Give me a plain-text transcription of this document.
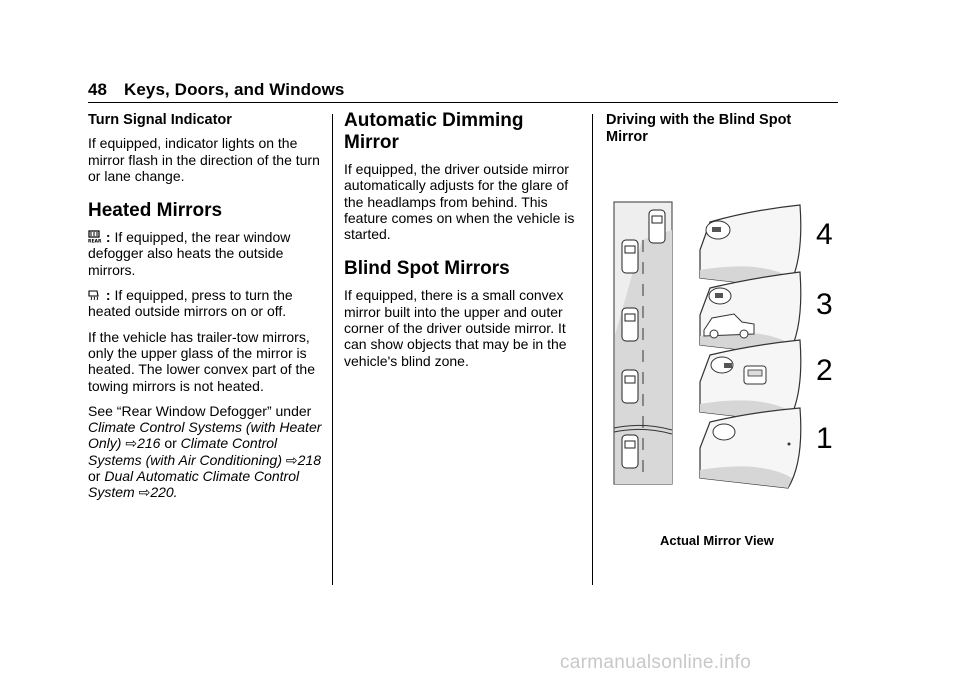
48 Keys, Doors, and Windows
Turn Signal Indicator

If equipped, indicator lights on the mirror flash in the direction of the turn or lane change.

Heated Mirrors

REAR : If equipped, the rear window defogger also heats the outside mirrors.

: If equipped, press to turn the heated outside mirrors on or off.

If the vehicle has trailer-tow mirrors, only the upper glass of the mirror is heated. The lower convex part of the towing mirrors is not heated.

See “Rear Window Defogger” under Climate Control Systems (with Heater Only) ⇨216 or Climate Control Systems (with Air Conditioning) ⇨218 or Dual Automatic Climate Control System ⇨220.

Automatic Dimming Mirror

If equipped, the driver outside mirror automatically adjusts for the glare of the headlamps from behind. This feature comes on when the vehicle is started.

Blind Spot Mirrors

If equipped, there is a small convex mirror built into the upper and outer corner of the driver outside mirror. It can show objects that may be in the vehicle's blind zone.

Driving with the Blind Spot Mirror
4
3
2
1
Actual Mirror View
carmanualsonline.info
